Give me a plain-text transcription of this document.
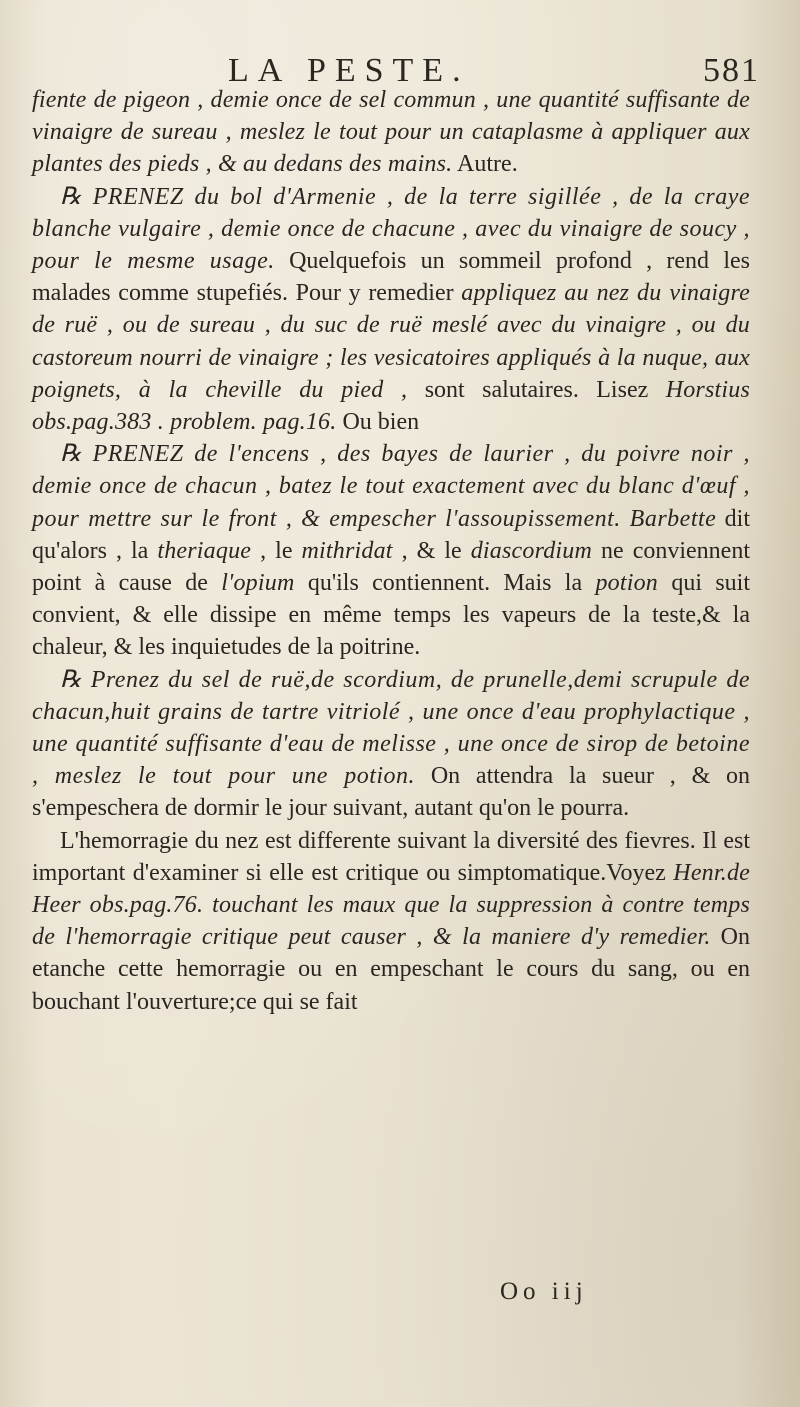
LA PESTE.	581

fiente de pigeon , demie once de sel commun , une quantité suffisante de vinaigre de sureau , meslez le tout pour un cataplasme à appliquer aux plantes des pieds , & au dedans des mains. Autre.

℞ PRENEZ du bol d'Armenie , de la terre sigillée , de la craye blanche vulgaire , demie once de chacune , avec du vinaigre de soucy , pour le mesme usage. Quelquefois un sommeil profond , rend les malades comme stupefiés. Pour y remedier appliquez au nez du vinaigre de ruë , ou de sureau , du suc de ruë meslé avec du vinaigre , ou du castoreum nourri de vinaigre ; les vesicatoires appliqués à la nuque, aux poignets, à la cheville du pied , sont salutaires. Lisez Horstius obs.pag.383 . problem. pag.16. Ou bien

℞ PRENEZ de l'encens , des bayes de laurier , du poivre noir , demie once de chacun , batez le tout exactement avec du blanc d'œuf , pour mettre sur le front , & empescher l'assoupissement. Barbette dit qu'alors , la theriaque , le mithridat , & le diascordium ne conviennent point à cause de l'opium qu'ils contiennent. Mais la potion qui suit convient, & elle dissipe en même temps les vapeurs de la teste,& la chaleur, & les inquietudes de la poitrine.

℞ Prenez du sel de ruë,de scordium, de prunelle,demi scrupule de chacun,huit grains de tartre vitriolé , une once d'eau prophylactique , une quantité suffisante d'eau de melisse , une once de sirop de betoine , meslez le tout pour une potion. On attendra la sueur , & on s'empeschera de dormir le jour suivant, autant qu'on le pourra.

L'hemorragie du nez est differente suivant la diversité des fievres. Il est important d'examiner si elle est critique ou simptomatique.Voyez Henr.de Heer obs.pag.76. touchant les maux que la suppression à contre temps de l'hemorragie critique peut causer , & la maniere d'y remedier. On etanche cette hemorragie ou en empeschant le cours du sang, ou en bouchant l'ouverture;ce qui se fait

Oo iij
